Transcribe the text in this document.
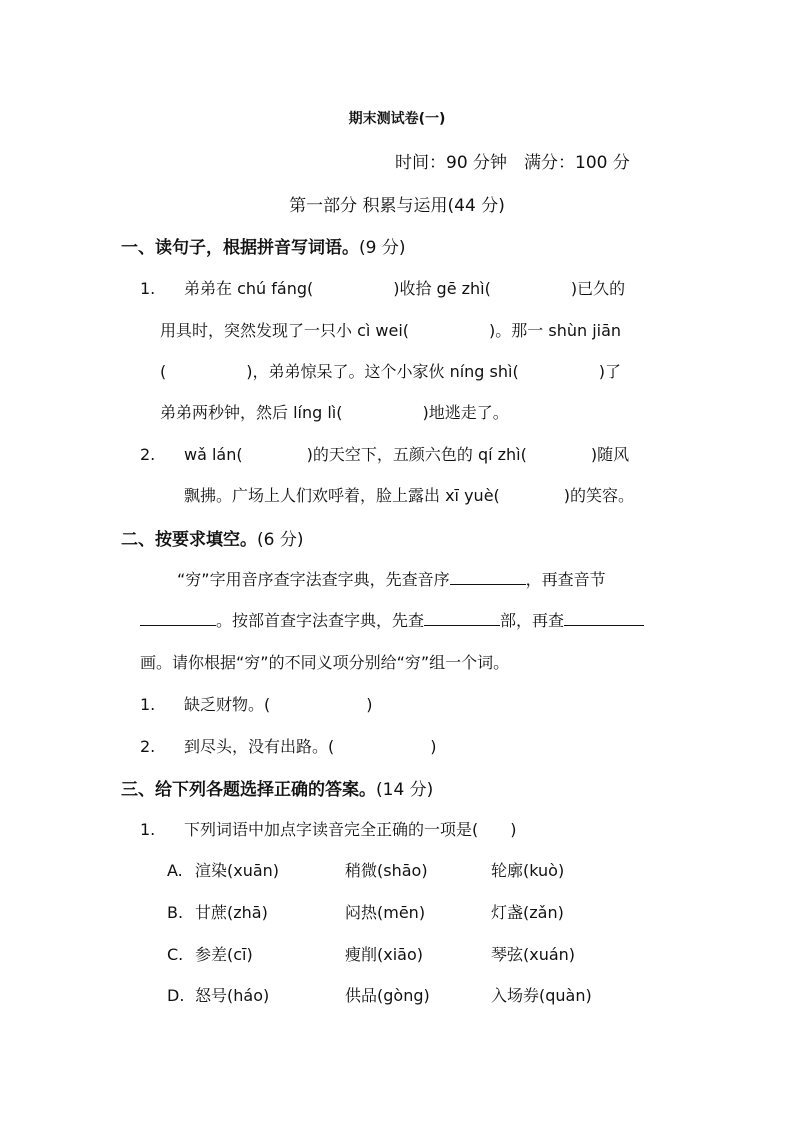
期末测试卷(一)
时间：90 分钟　满分：100 分
第一部分 积累与运用(44 分)
一、读句子，根据拼音写词语。(9 分)
1. 弟弟在 chú fáng(　　　　　)收拾 gē zhì(　　　　　)已久的
用具时，突然发现了一只小 cì wei(　　　　　)。那一 shùn jiān
(　　　　　)，弟弟惊呆了。这个小家伙 níng shì(　　　　　)了
弟弟两秒钟，然后 líng lì(　　　　　)地逃走了。
2. wǎ lán(　　　　)的天空下，五颜六色的 qí zhì(　　　　)随风
飘拂。广场上人们欢呼着，脸上露出 xī yuè(　　　　)的笑容。
二、按要求填空。(6 分)
“穷”字用音序查字法查字典，先查音序	，再查音节
。按部首查字法查字典，先查	部，再查
画。请你根据“穷”的不同义项分别给“穷”组一个词。
1. 缺乏财物。(　　　　　　)
2. 到尽头，没有出路。(　　　　　　)
三、给下列各题选择正确的答案。(14 分)
1. 下列词语中加点字读音完全正确的一项是(　　)
A. 渲染(xuān)	稍微(shāo)	轮廓(kuò)
B. 甘蔗(zhā)	闷热(mēn)	灯盏(zǎn)
C. 参差(cī)	瘦削(xiāo)	琴弦(xuán)
D. 怒号(háo)	供品(gòng)	入场券(quàn)
